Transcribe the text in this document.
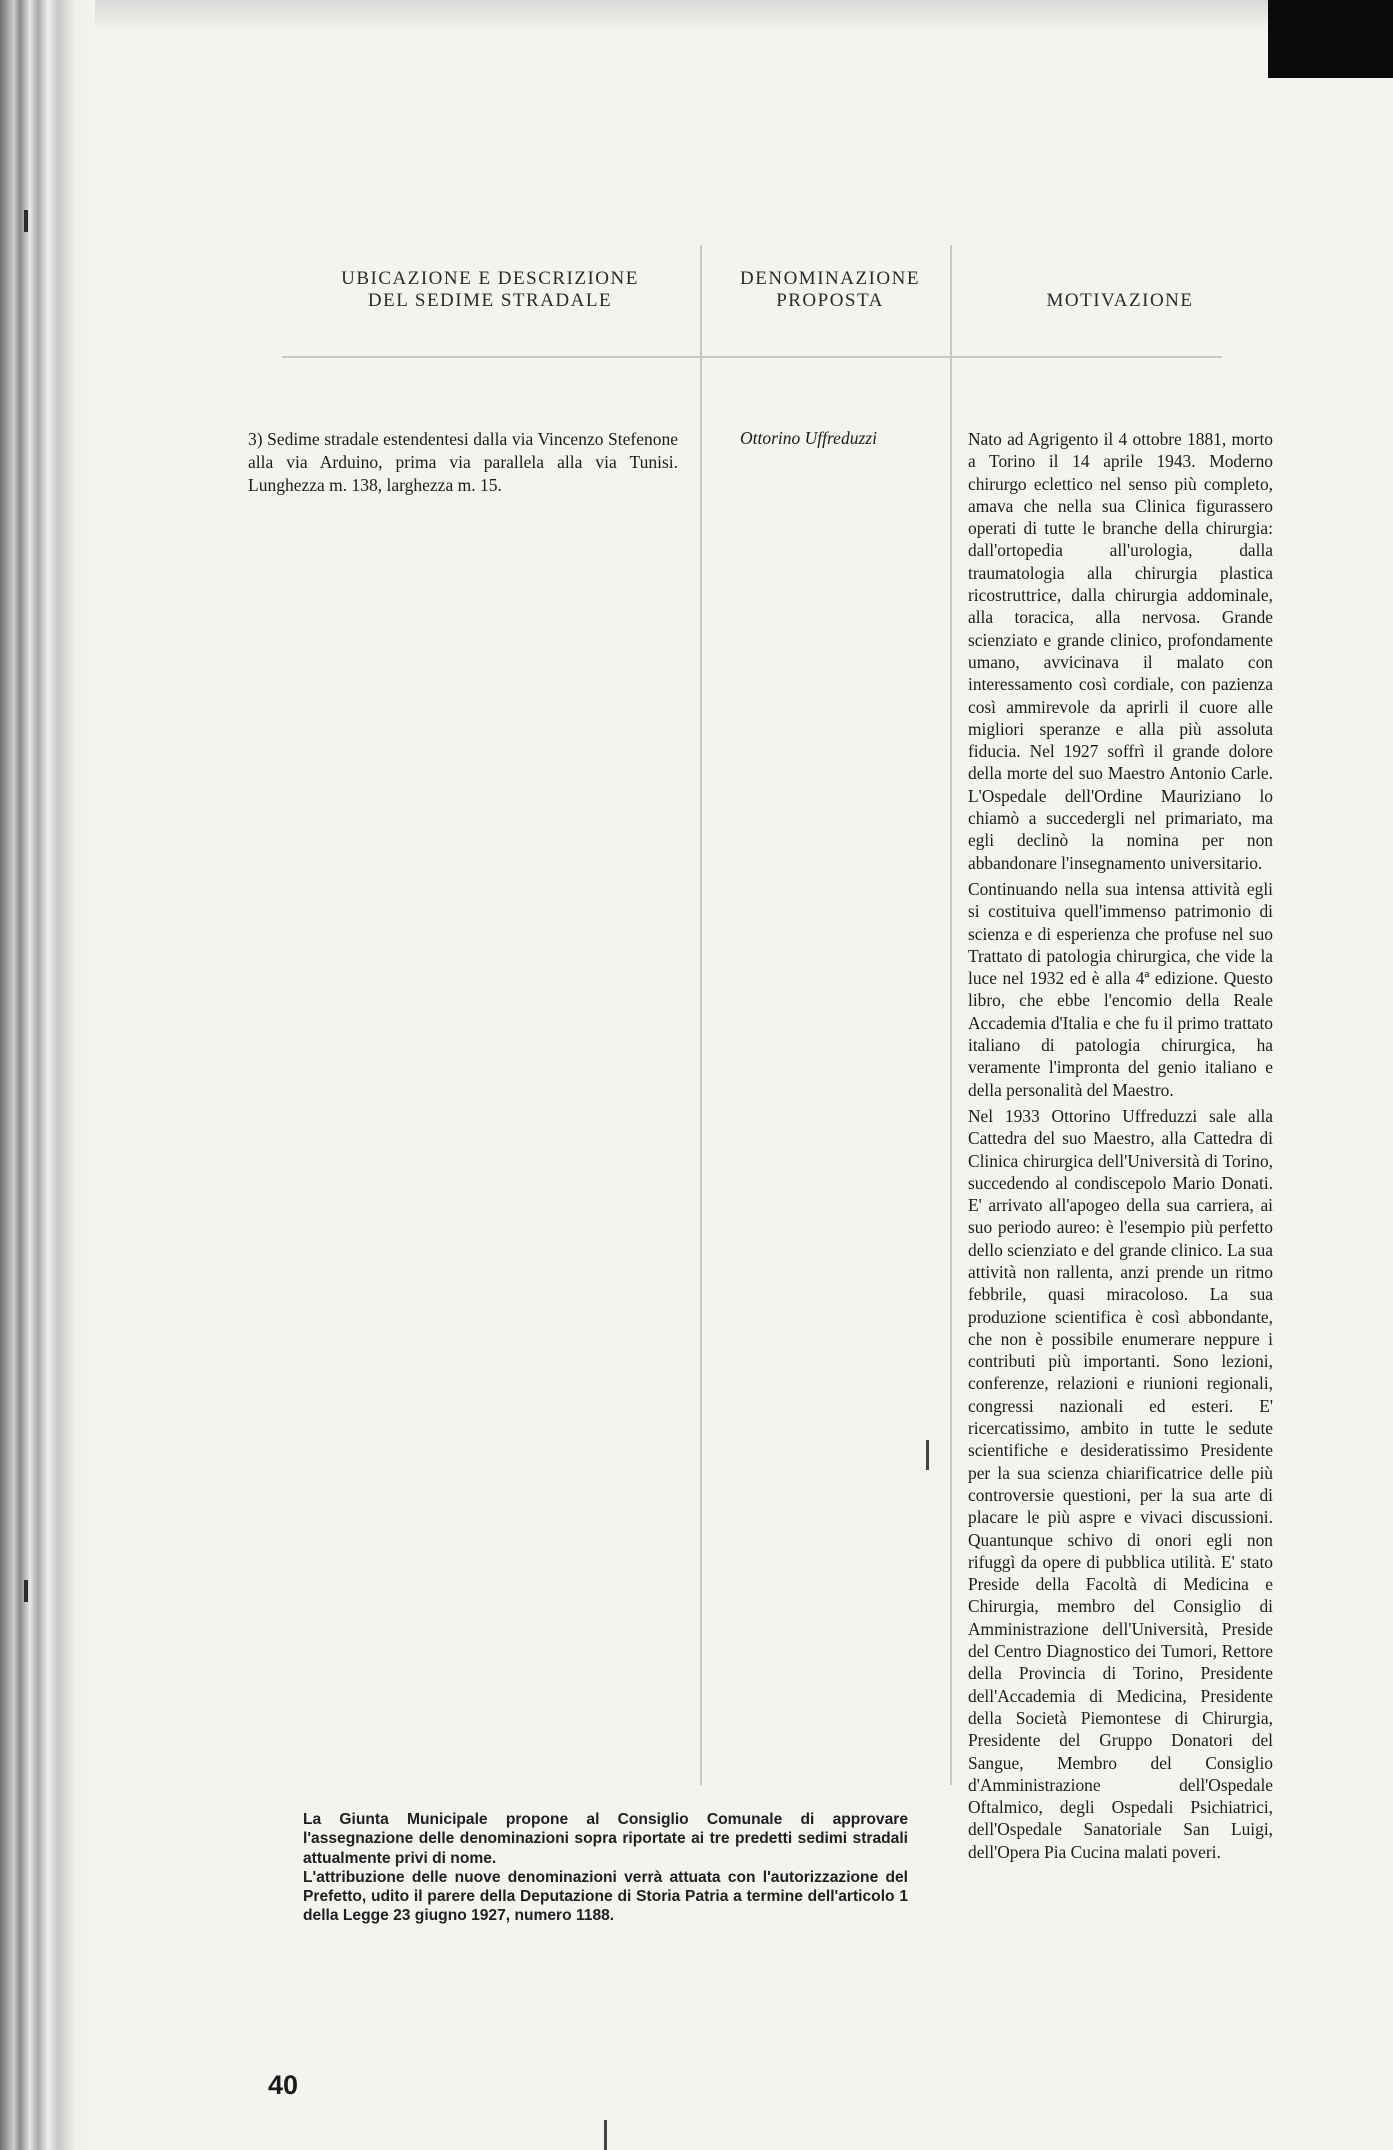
UBICAZIONE E DESCRIZIONE
DEL SEDIME STRADALE
DENOMINAZIONE
PROPOSTA	MOTIVAZIONE
3) Sedime stradale estendentesi dalla via Vincenzo Stefenone alla via Arduino, prima via parallela alla via Tunisi. Lunghezza m. 138, larghezza m. 15.
Ottorino Uffreduzzi	Nato ad Agrigento il 4 ottobre 1881, morto a Torino il 14 aprile 1943. Moderno chirurgo eclettico nel senso più completo, amava che nella sua Clinica figurassero operati di tutte le branche della chirurgia: dall'ortopedia all'urologia, dalla traumatologia alla chirurgia plastica ricostruttrice, dalla chirurgia addominale, alla toracica, alla nervosa. Grande scienziato e grande clinico, profondamente umano, avvicinava il malato con interessamento così cordiale, con pazienza così ammirevole da aprirli il cuore alle migliori speranze e alla più assoluta fiducia. Nel 1927 soffrì il grande dolore della morte del suo Maestro Antonio Carle. L'Ospedale dell'Ordine Mauriziano lo chiamò a succedergli nel primariato, ma egli declinò la nomina per non abbandonare l'insegnamento universitario.

Continuando nella sua intensa attività egli si costituiva quell'immenso patrimonio di scienza e di esperienza che profuse nel suo Trattato di patologia chirurgica, che vide la luce nel 1932 ed è alla 4ª edizione. Questo libro, che ebbe l'encomio della Reale Accademia d'Italia e che fu il primo trattato italiano di patologia chirurgica, ha veramente l'impronta del genio italiano e della personalità del Maestro.

Nel 1933 Ottorino Uffreduzzi sale alla Cattedra del suo Maestro, alla Cattedra di Clinica chirurgica dell'Università di Torino, succedendo al condiscepolo Mario Donati. E' arrivato all'apogeo della sua carriera, ai suo periodo aureo: è l'esempio più perfetto dello scienziato e del grande clinico. La sua attività non rallenta, anzi prende un ritmo febbrile, quasi miracoloso. La sua produzione scientifica è così abbondante, che non è possibile enumerare neppure i contributi più importanti. Sono lezioni, conferenze, relazioni e riunioni regionali, congressi nazionali ed esteri. E' ricercatissimo, ambito in tutte le sedute scientifiche e desideratissimo Presidente per la sua scienza chiarificatrice delle più controversie questioni, per la sua arte di placare le più aspre e vivaci discussioni. Quantunque schivo di onori egli non rifuggì da opere di pubblica utilità. E' stato Preside della Facoltà di Medicina e Chirurgia, membro del Consiglio di Amministrazione dell'Università, Preside del Centro Diagnostico dei Tumori, Rettore della Provincia di Torino, Presidente dell'Accademia di Medicina, Presidente della Società Piemontese di Chirurgia, Presidente del Gruppo Donatori del Sangue, Membro del Consiglio d'Amministrazione dell'Ospedale Oftalmico, degli Ospedali Psichiatrici, dell'Ospedale Sanatoriale San Luigi, dell'Opera Pia Cucina malati poveri.

La Giunta Municipale propone al Consiglio Comunale di approvare l'assegnazione delle denominazioni sopra riportate ai tre predetti sedimi stradali attualmente privi di nome.

L'attribuzione delle nuove denominazioni verrà attuata con l'autorizzazione del Prefetto, udito il parere della Deputazione di Storia Patria a termine dell'articolo 1 della Legge 23 giugno 1927, numero 1188.

40
